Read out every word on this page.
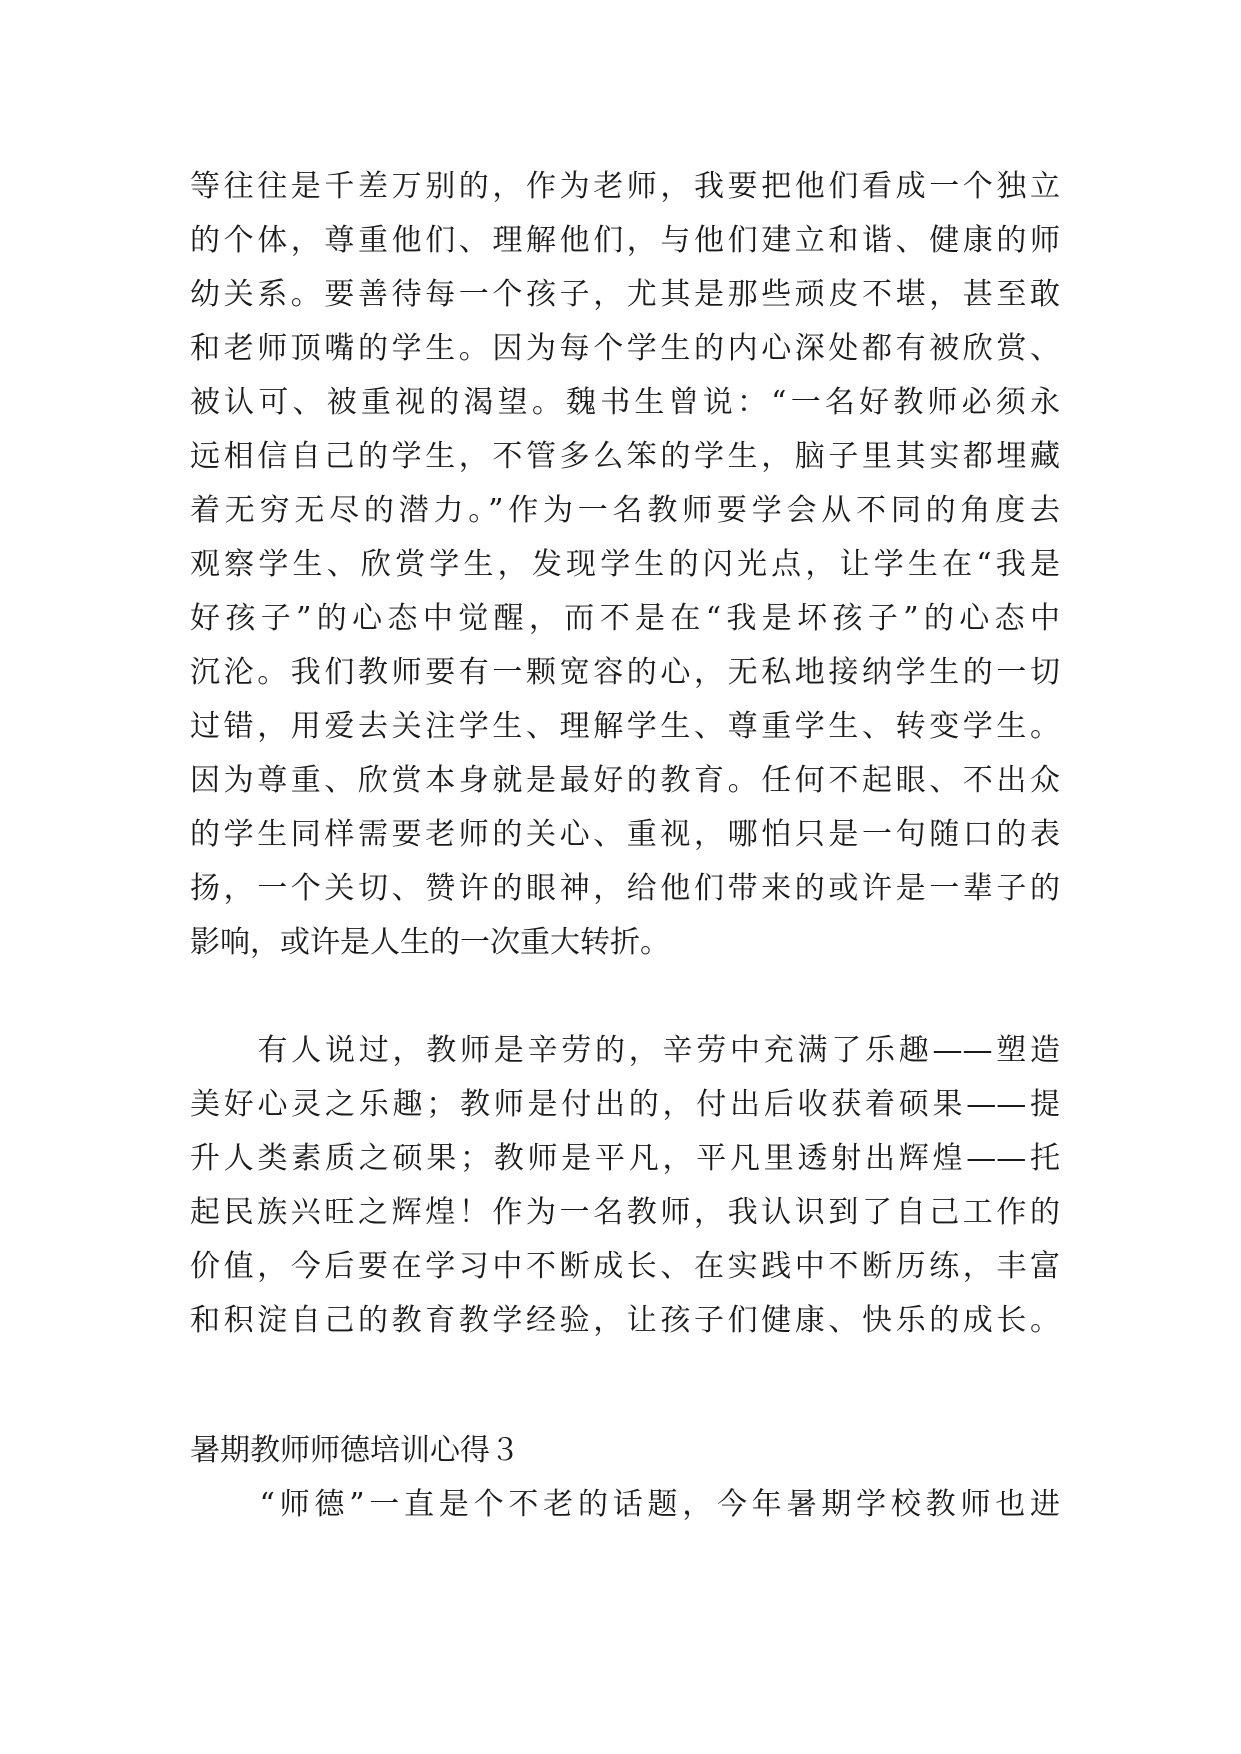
等往往是千差万别的，作为老师，我要把他们看成一个独立
的个体，尊重他们、理解他们，与他们建立和谐、健康的师
幼关系。要善待每一个孩子，尤其是那些顽皮不堪，甚至敢
和老师顶嘴的学生。因为每个学生的内心深处都有被欣赏、
被认可、被重视的渴望。魏书生曾说：“一名好教师必须永
远相信自己的学生，不管多么笨的学生，脑子里其实都埋藏
着无穷无尽的潜力。”作为一名教师要学会从不同的角度去
观察学生、欣赏学生，发现学生的闪光点，让学生在“我是
好孩子”的心态中觉醒，而不是在“我是坏孩子”的心态中
沉沦。我们教师要有一颗宽容的心，无私地接纳学生的一切
过错，用爱去关注学生、理解学生、尊重学生、转变学生。
因为尊重、欣赏本身就是最好的教育。任何不起眼、不出众
的学生同样需要老师的关心、重视，哪怕只是一句随口的表
扬，一个关切、赞许的眼神，给他们带来的或许是一辈子的
影响，或许是人生的一次重大转折。
　　有人说过，教师是辛劳的，辛劳中充满了乐趣——塑造
美好心灵之乐趣；教师是付出的，付出后收获着硕果——提
升人类素质之硕果；教师是平凡，平凡里透射出辉煌——托
起民族兴旺之辉煌！作为一名教师，我认识到了自己工作的
价值，今后要在学习中不断成长、在实践中不断历练，丰富
和积淀自己的教育教学经验，让孩子们健康、快乐的成长。
暑期教师师德培训心得３
　　“师德”一直是个不老的话题，今年暑期学校教师也进
